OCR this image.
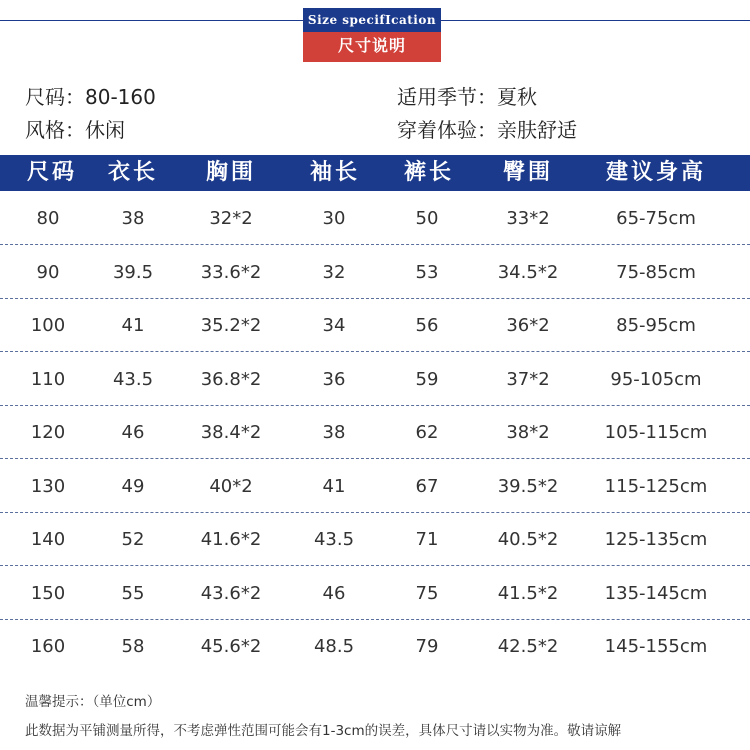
Size specifIcation
尺寸说明
尺码：80-160
风格：休闲
适用季节：夏秋
穿着体验：亲肤舒适
尺码	衣长	胸围	袖长	裤长	臀围	建议身高
80	38	32*2	30	50	33*2	65-75cm
90	39.5	33.6*2	32	53	34.5*2	75-85cm
100	41	35.2*2	34	56	36*2	85-95cm
110	43.5	36.8*2	36	59	37*2	95-105cm
120	46	38.4*2	38	62	38*2	105-115cm
130	49	40*2	41	67	39.5*2	115-125cm
140	52	41.6*2	43.5	71	40.5*2	125-135cm
150	55	43.6*2	46	75	41.5*2	135-145cm
160	58	45.6*2	48.5	79	42.5*2	145-155cm
温馨提示：（单位cm）
此数据为平铺测量所得，不考虑弹性范围可能会有1-3cm的误差，具体尺寸请以实物为准。敬请谅解
